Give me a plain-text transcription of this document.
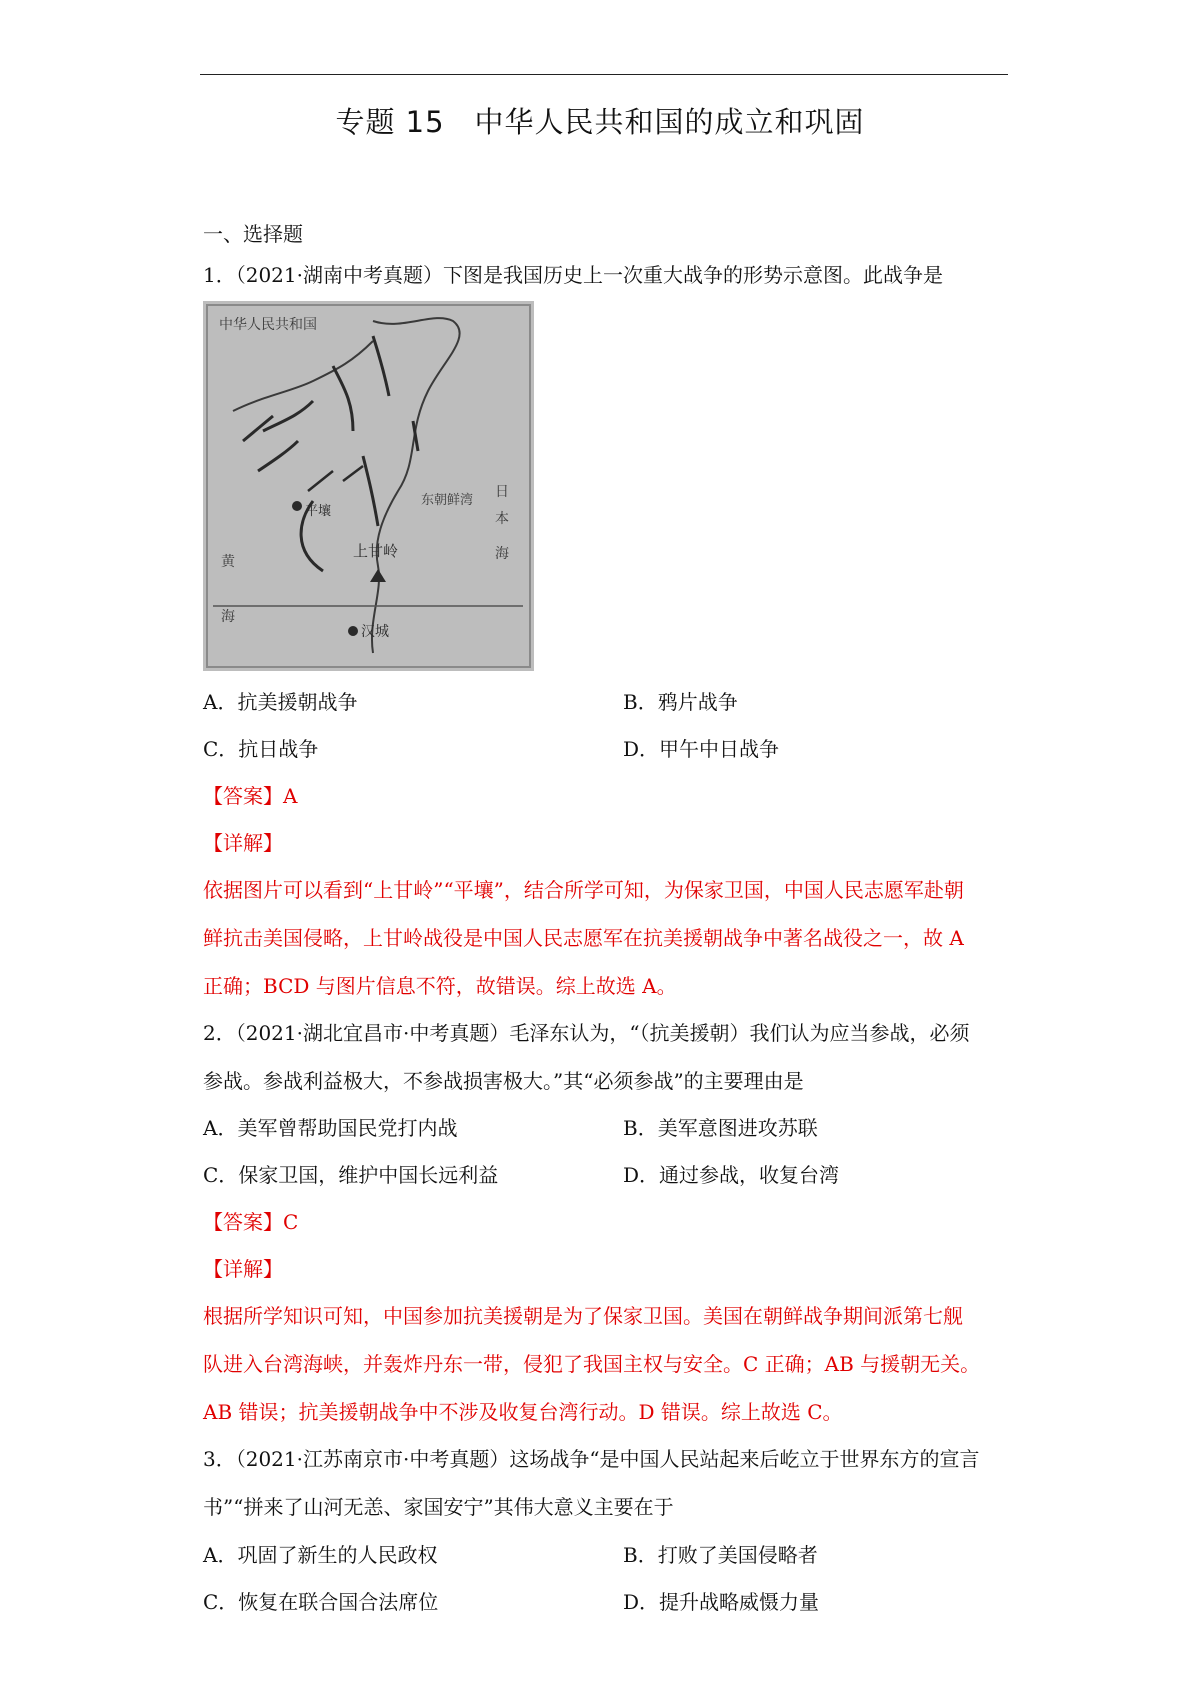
专题 15　中华人民共和国的成立和巩固
一、选择题
1．（2021·湖南中考真题）下图是我国历史上一次重大战争的形势示意图。此战争是
中华人民共和国
平壤
上甘岭
汉城
东朝鲜湾
黄
海
日
本
海
A．抗美援朝战争	B．鸦片战争
C．抗日战争	D．甲午中日战争
【答案】A
【详解】
依据图片可以看到“上甘岭”“平壤”，结合所学可知，为保家卫国，中国人民志愿军赴朝
鲜抗击美国侵略，上甘岭战役是中国人民志愿军在抗美援朝战争中著名战役之一，故 A
正确；BCD 与图片信息不符，故错误。综上故选 A。
2．（2021·湖北宜昌市·中考真题）毛泽东认为，“（抗美援朝）我们认为应当参战，必须
参战。参战利益极大，不参战损害极大。”其“必须参战”的主要理由是
A．美军曾帮助国民党打内战	B．美军意图进攻苏联
C．保家卫国，维护中国长远利益	D．通过参战，收复台湾
【答案】C
【详解】
根据所学知识可知，中国参加抗美援朝是为了保家卫国。美国在朝鲜战争期间派第七舰
队进入台湾海峡，并轰炸丹东一带，侵犯了我国主权与安全。C 正确；AB 与援朝无关。
AB 错误；抗美援朝战争中不涉及收复台湾行动。D 错误。综上故选 C。
3．（2021·江苏南京市·中考真题）这场战争“是中国人民站起来后屹立于世界东方的宣言
书”“拼来了山河无恙、家国安宁”其伟大意义主要在于
A．巩固了新生的人民政权	B．打败了美国侵略者
C．恢复在联合国合法席位	D．提升战略威慑力量
